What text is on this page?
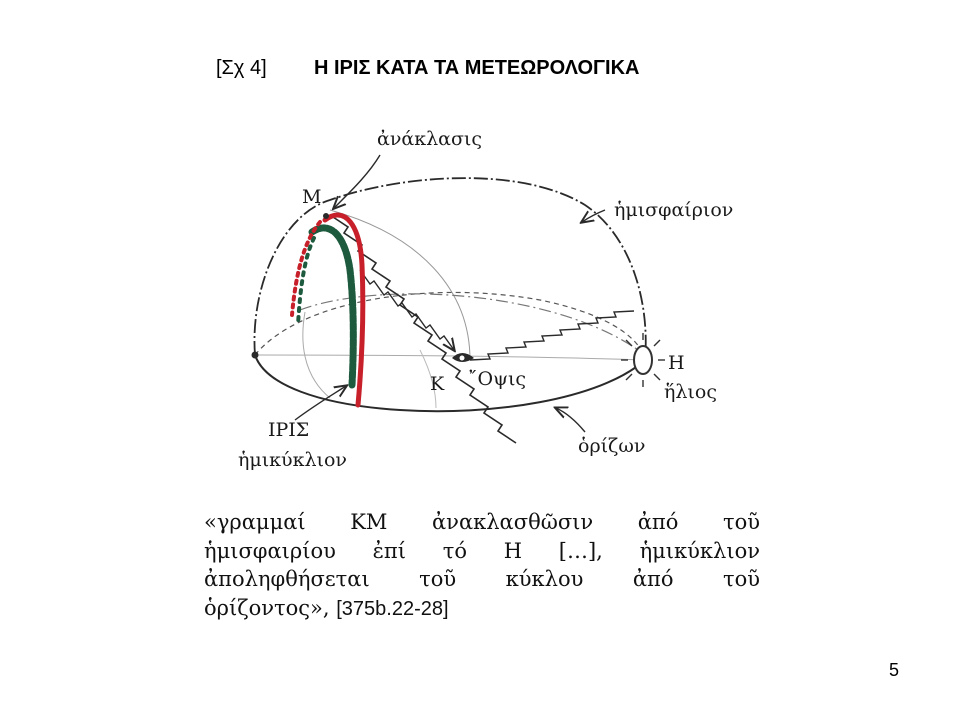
[Σχ 4] Η ΙΡΙΣ ΚΑΤΑ ΤΑ ΜΕΤΕΩΡΟΛΟΓΙΚΑ
ἀνάκλασις
Μ
ἡμισφαίριον
Η
ἥλιος
Κ ῎Οψις
ΙΡΙΣ
ἡμικύκλιον
ὁρίζων
«γραμμαί ΚΜ ἀνακλασθῶσιν ἀπό τοῦ
ἡμισφαιρίου ἐπί τό Η […], ἡμικύκλιον
ἀποληφθήσεται τοῦ κύκλου ἀπό τοῦ
ὁρίζοντος», [375b.22-28]
5
